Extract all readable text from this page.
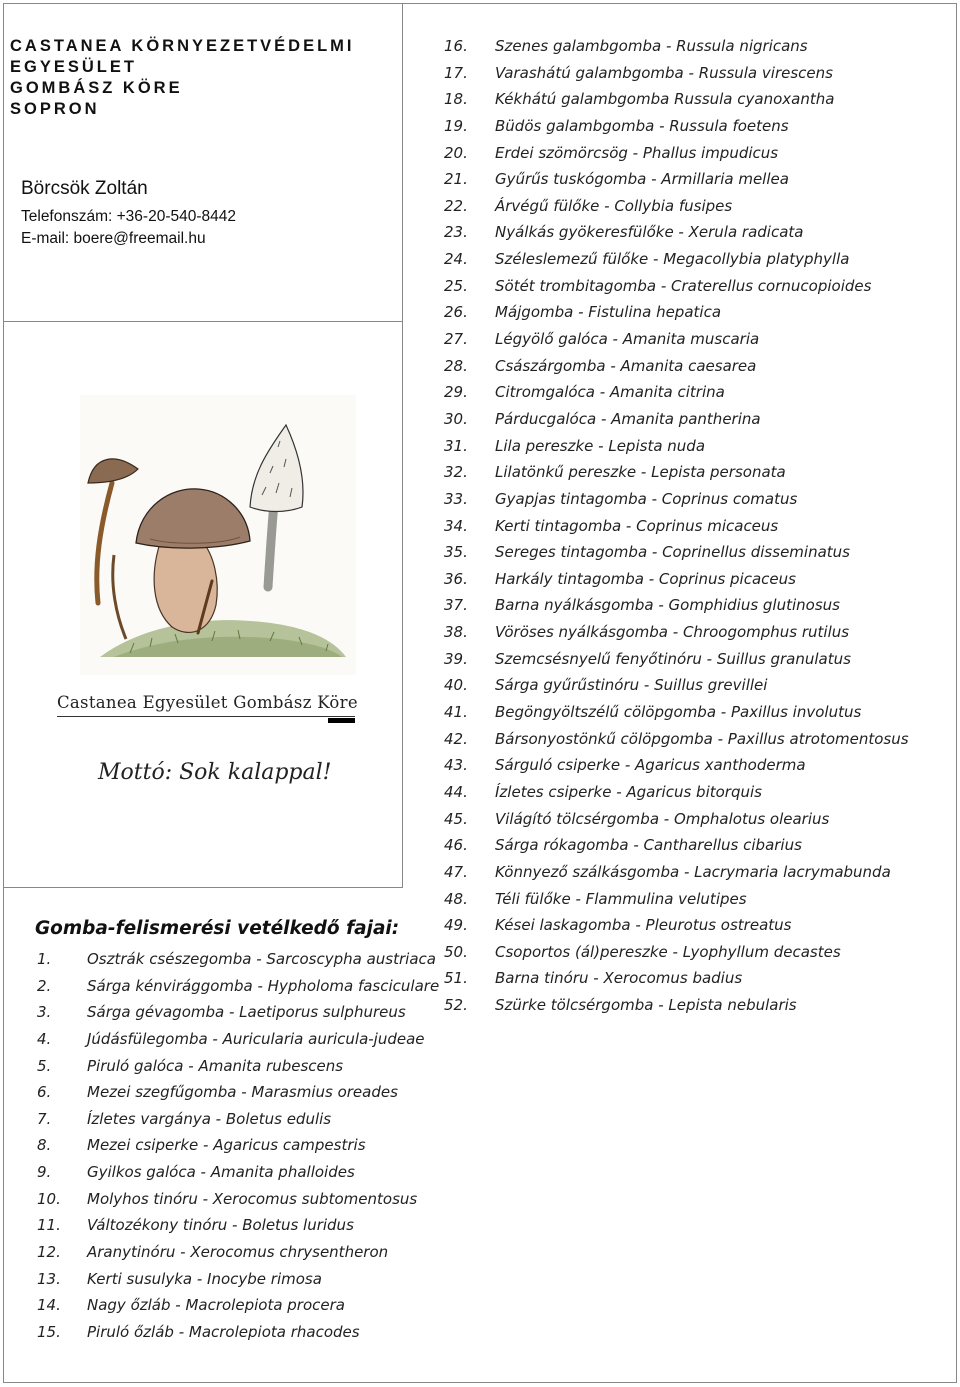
CASTANEA KÖRNYEZETVÉDELMI
EGYESÜLET
GOMBÁSZ KÖRE
SOPRON
Börcsök Zoltán
Telefonszám: +36-20-540-8442
E-mail: boere@freemail.hu
Castanea Egyesület Gombász Köre
Mottó: Sok kalappal!
Gomba-felismerési vetélkedő fajai:
1. Osztrák csészegomba - Sarcoscypha austriaca
2. Sárga kénvirággomba - Hypholoma fasciculare
3. Sárga gévagomba - Laetiporus sulphureus
4. Júdásfülegomba - Auricularia auricula-judeae
5. Piruló galóca - Amanita rubescens
6. Mezei szegfűgomba - Marasmius oreades
7. Ízletes vargánya - Boletus edulis
8. Mezei csiperke - Agaricus campestris
9. Gyilkos galóca - Amanita phalloides
10. Molyhos tinóru - Xerocomus subtomentosus
11. Változékony tinóru - Boletus luridus
12. Aranytinóru - Xerocomus chrysentheron
13. Kerti susulyka - Inocybe rimosa
14. Nagy őzláb - Macrolepiota procera
15. Piruló őzláb - Macrolepiota rhacodes
16. Szenes galambgomba - Russula nigricans
17. Varashátú galambgomba - Russula virescens
18. Kékhátú galambgomba Russula cyanoxantha
19. Büdös galambgomba - Russula foetens
20. Erdei szömörcsög - Phallus impudicus
21. Gyűrűs tuskógomba - Armillaria mellea
22. Árvégű fülőke - Collybia fusipes
23. Nyálkás gyökeresfülőke - Xerula radicata
24. Széleslemezű fülőke - Megacollybia platyphylla
25. Sötét trombitagomba - Craterellus cornucopioides
26. Májgomba - Fistulina hepatica
27. Légyölő galóca - Amanita muscaria
28. Császárgomba - Amanita caesarea
29. Citromgalóca - Amanita citrina
30. Párducgalóca - Amanita pantherina
31. Lila pereszke - Lepista nuda
32. Lilatönkű pereszke - Lepista personata
33. Gyapjas tintagomba - Coprinus comatus
34. Kerti tintagomba - Coprinus micaceus
35. Sereges tintagomba - Coprinellus disseminatus
36. Harkály tintagomba - Coprinus picaceus
37. Barna nyálkásgomba - Gomphidius glutinosus
38. Vöröses nyálkásgomba - Chroogomphus rutilus
39. Szemcsésnyelű fenyőtinóru - Suillus granulatus
40. Sárga gyűrűstinóru - Suillus grevillei
41. Begöngyöltszélű cölöpgomba - Paxillus involutus
42. Bársonyostönkű cölöpgomba - Paxillus atrotomentosus
43. Sárguló csiperke - Agaricus xanthoderma
44. Ízletes csiperke - Agaricus bitorquis
45. Világító tölcsérgomba - Omphalotus olearius
46. Sárga rókagomba - Cantharellus cibarius
47. Könnyező szálkásgomba - Lacrymaria lacrymabunda
48. Téli fülőke - Flammulina velutipes
49. Kései laskagomba - Pleurotus ostreatus
50. Csoportos (ál)pereszke - Lyophyllum decastes
51. Barna tinóru - Xerocomus badius
52. Szürke tölcsérgomba - Lepista nebularis
